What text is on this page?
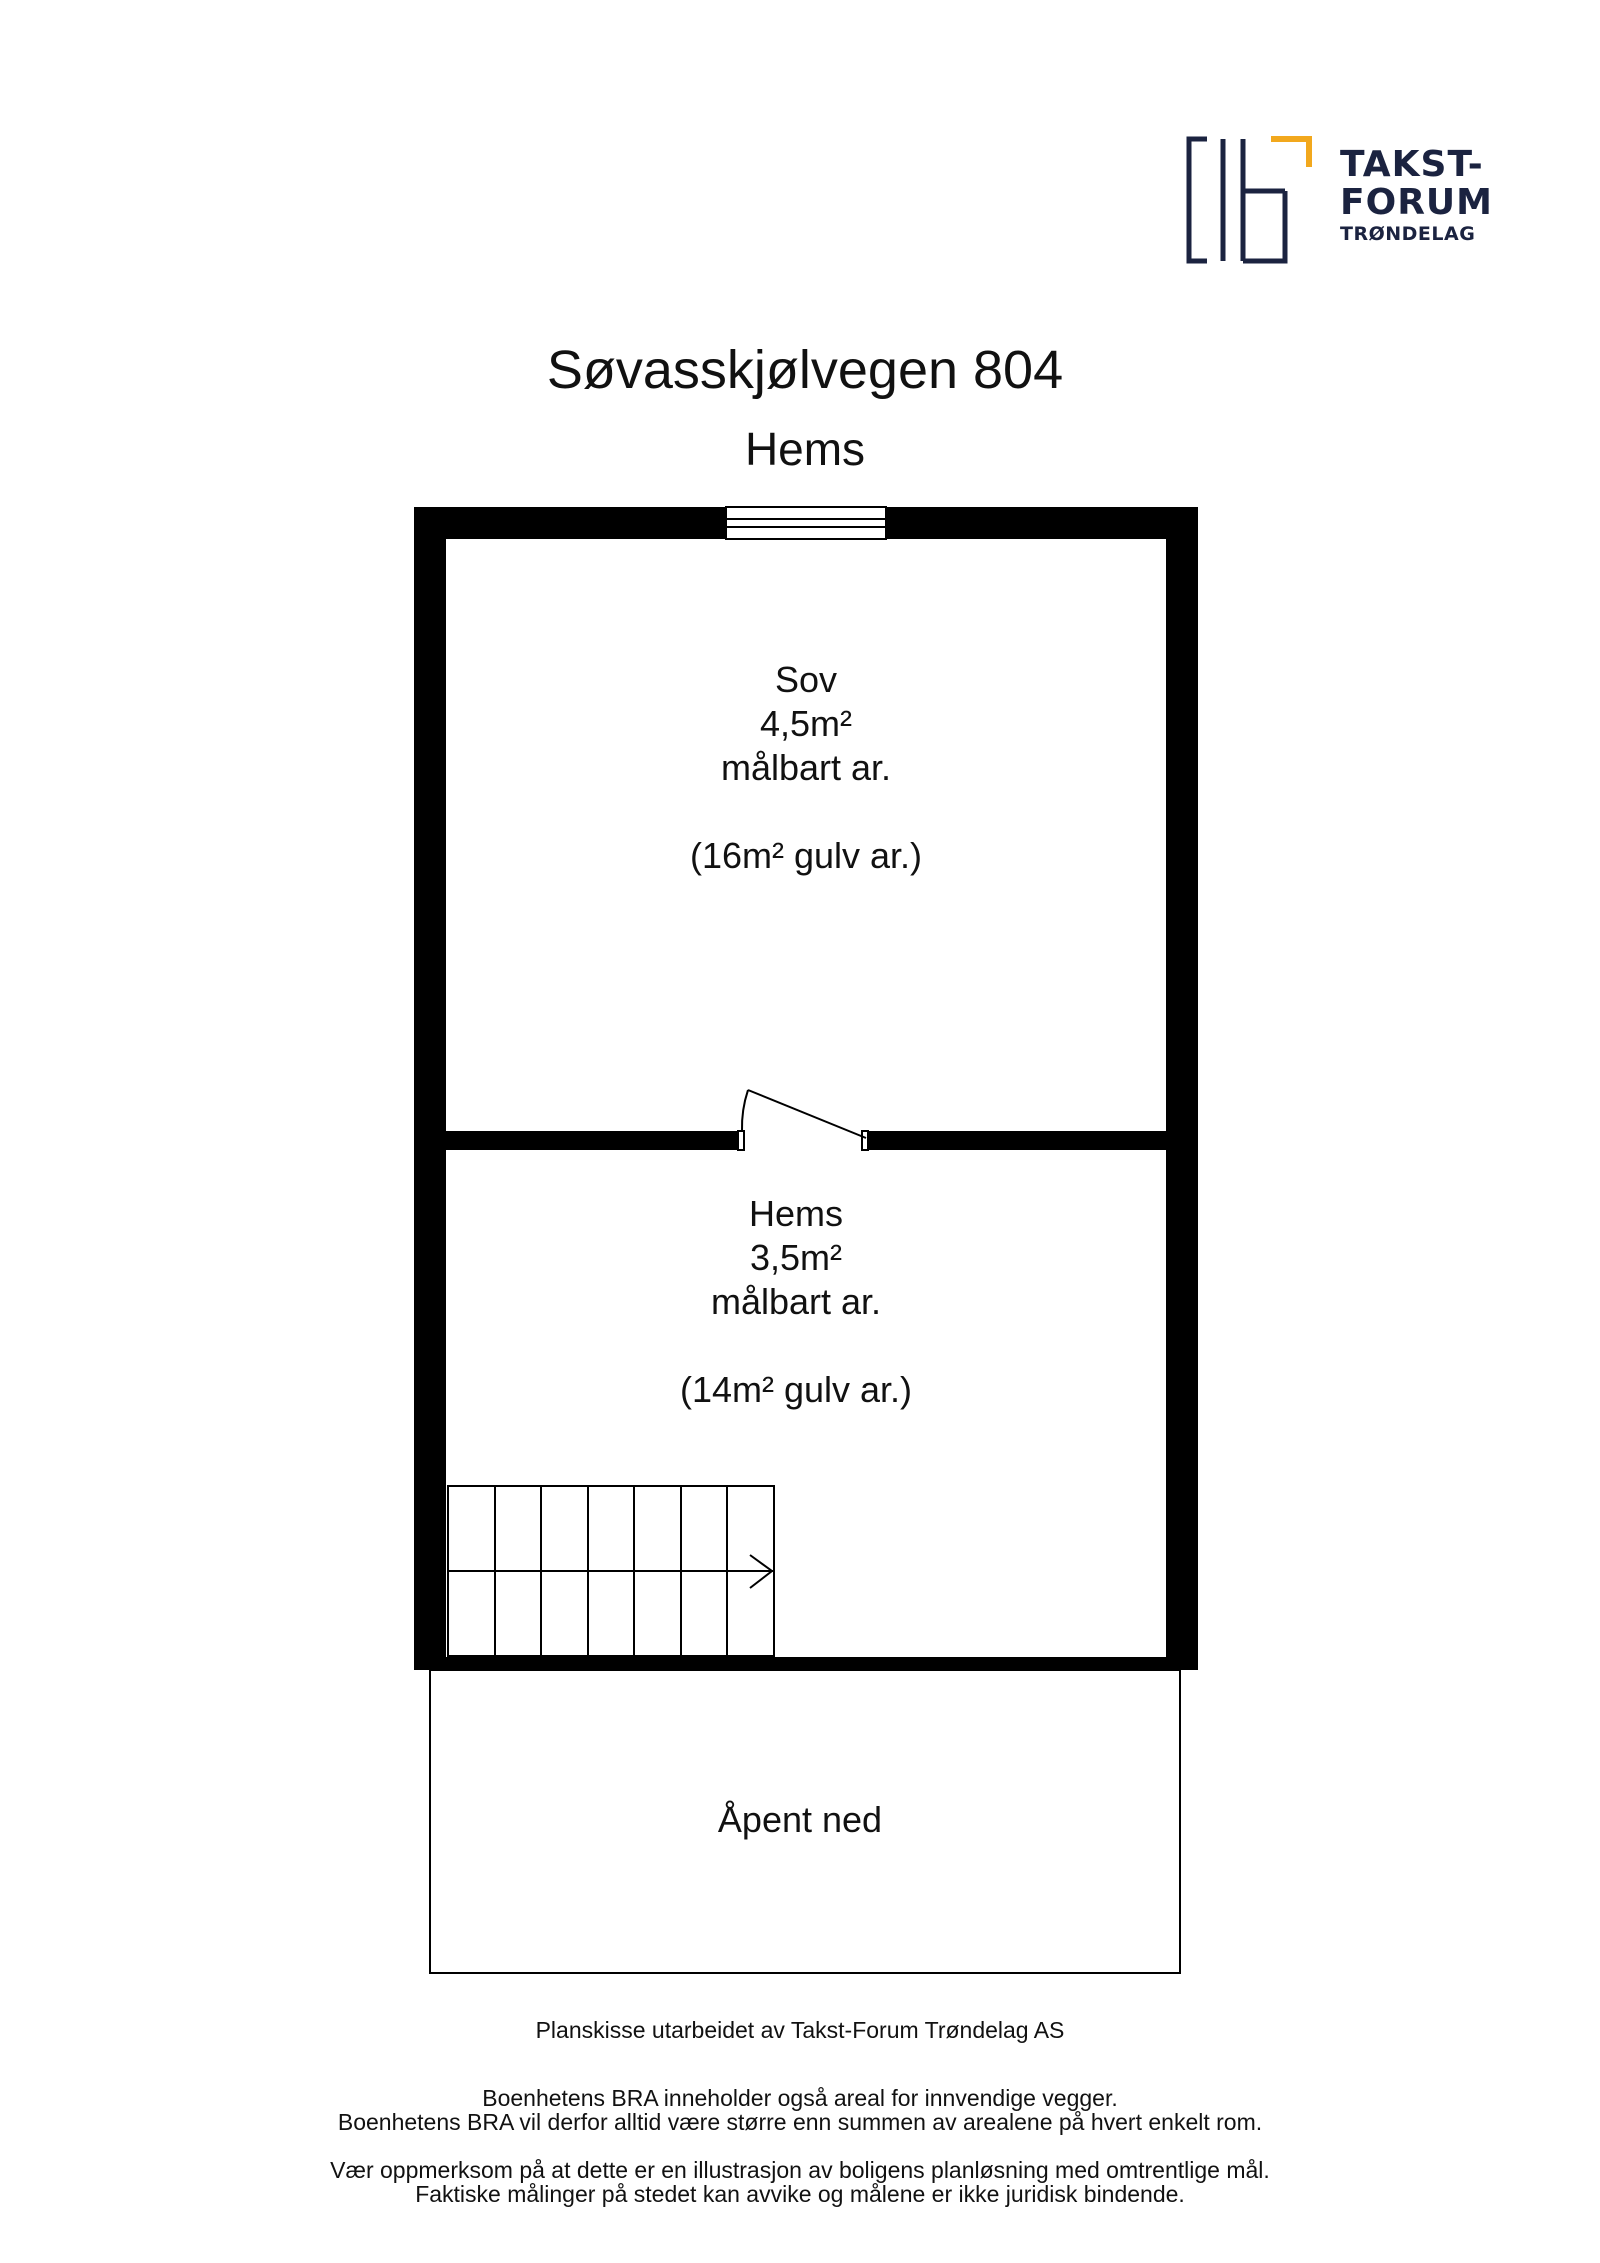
TAKST-
FORUM
TRØNDELAG
Søvasskjølvegen 804
Hems
Sov
4,5m²
målbart ar.
(16m² gulv ar.)
Hems
3,5m²
målbart ar.
(14m² gulv ar.)
Åpent ned
Planskisse utarbeidet av Takst-Forum Trøndelag AS
Boenhetens BRA inneholder også areal for innvendige vegger.
Boenhetens BRA vil derfor alltid være større enn summen av arealene på hvert enkelt rom.
Vær oppmerksom på at dette er en illustrasjon av boligens planløsning med omtrentlige mål.
Faktiske målinger på stedet kan avvike og målene er ikke juridisk bindende.
